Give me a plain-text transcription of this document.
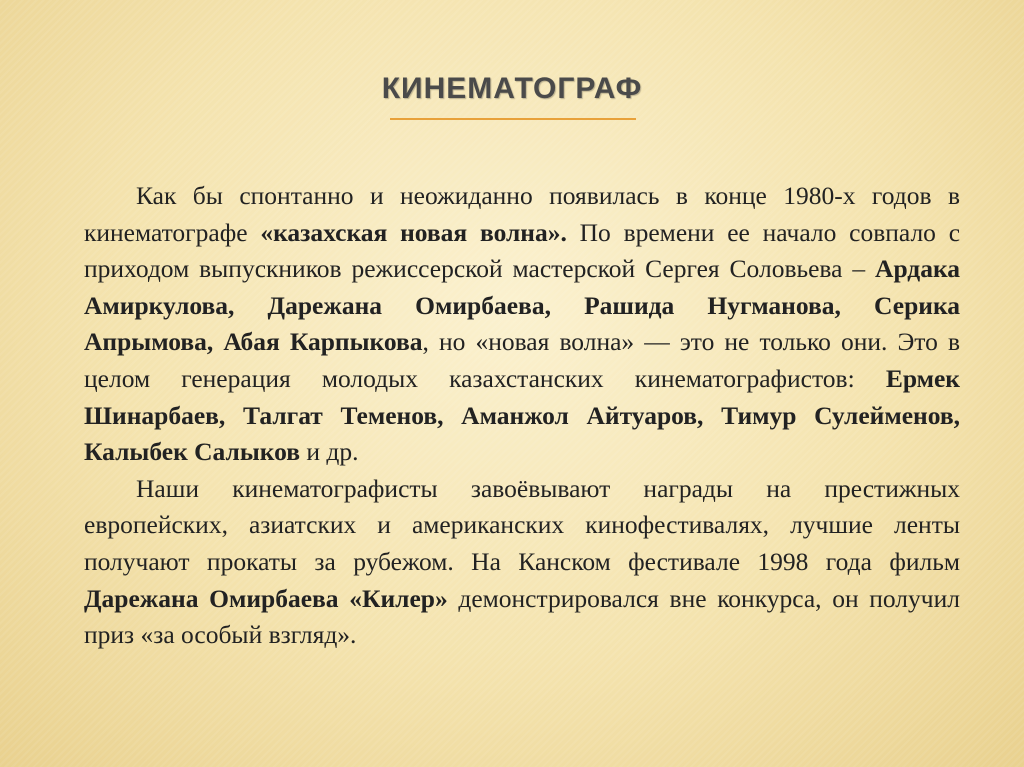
КИНЕМАТОГРАФ

Как бы спонтанно и неожиданно появилась в конце 1980-х годов в кинематографе «казахская новая волна». По времени ее начало совпало с приходом выпускников режиссерской мастерской Сергея Соловьева – Ардака Амиркулова, Дарежана Омирбаева, Рашида Нугманова, Серика Апрымова, Абая Карпыкова, но «новая волна» — это не только они. Это в целом генерация молодых казахстанских кинематографистов: Ермек Шинарбаев, Талгат Теменов, Аманжол Айтуаров, Тимур Сулейменов, Калыбек Салыков и др.

Наши кинематографисты завоёвывают награды на престижных европейских, азиатских и американских кинофестивалях, лучшие ленты получают прокаты за рубежом. На Канском фестивале 1998 года фильм Дарежана Омирбаева «Килер» демонстрировался вне конкурса, он получил приз «за особый взгляд».
